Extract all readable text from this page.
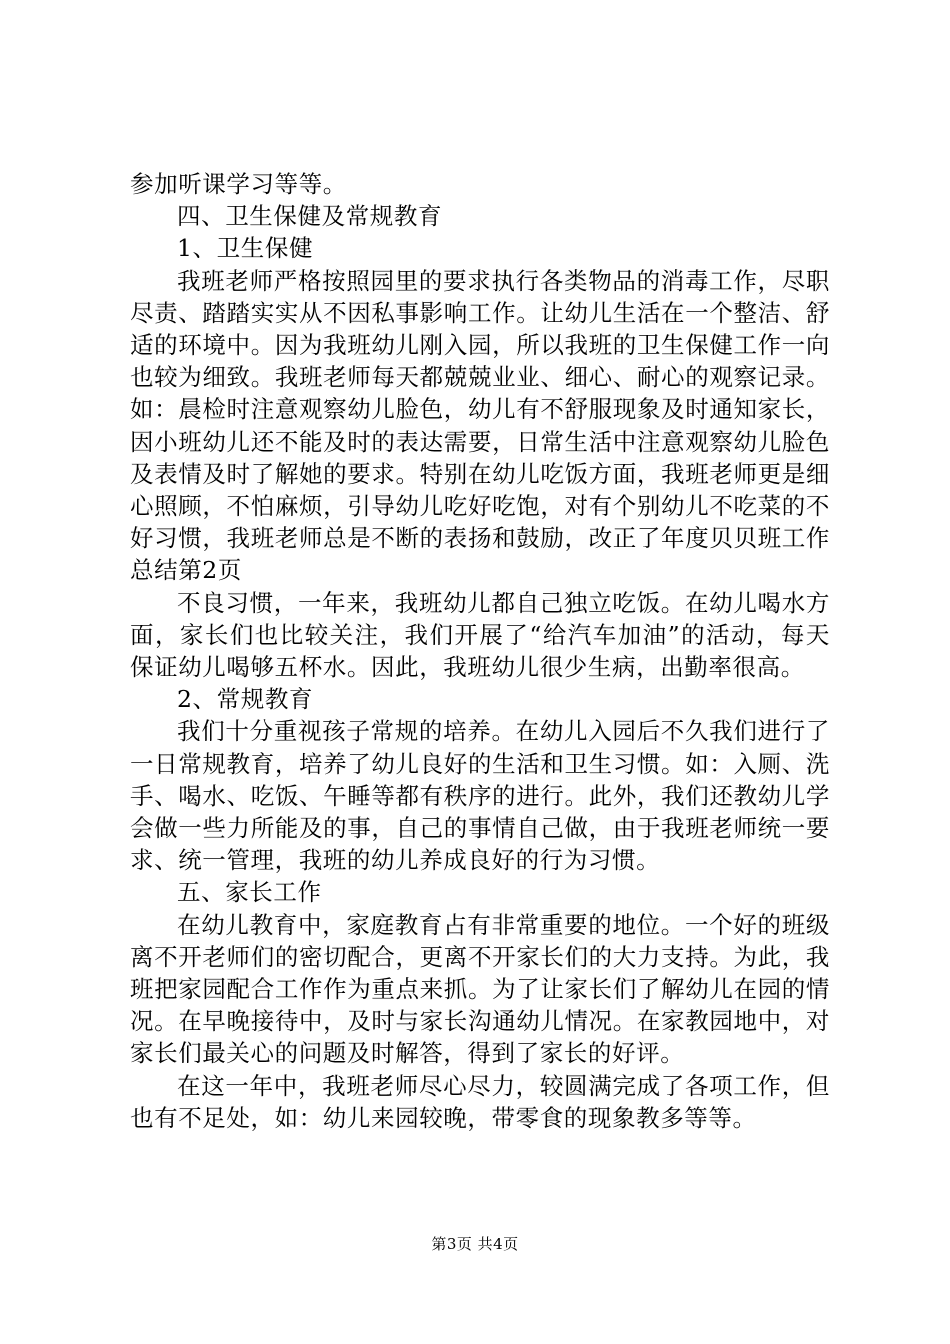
参加听课学习等等。

四、卫生保健及常规教育

1、卫生保健

我班老师严格按照园里的要求执行各类物品的消毒工作，尽职尽责、踏踏实实从不因私事影响工作。让幼儿生活在一个整洁、舒适的环境中。因为我班幼儿刚入园，所以我班的卫生保健工作一向也较为细致。我班老师每天都兢兢业业、细心、耐心的观察记录。如：晨检时注意观察幼儿脸色，幼儿有不舒服现象及时通知家长，因小班幼儿还不能及时的表达需要，日常生活中注意观察幼儿脸色及表情及时了解她的要求。特别在幼儿吃饭方面，我班老师更是细心照顾，不怕麻烦，引导幼儿吃好吃饱，对有个别幼儿不吃菜的不好习惯，我班老师总是不断的表扬和鼓励，改正了年度贝贝班工作总结第2页

不良习惯，一年来，我班幼儿都自己独立吃饭。在幼儿喝水方面，家长们也比较关注，我们开展了“给汽车加油”的活动，每天保证幼儿喝够五杯水。因此，我班幼儿很少生病，出勤率很高。

2、常规教育

我们十分重视孩子常规的培养。在幼儿入园后不久我们进行了一日常规教育，培养了幼儿良好的生活和卫生习惯。如：入厕、洗手、喝水、吃饭、午睡等都有秩序的进行。此外，我们还教幼儿学会做一些力所能及的事，自己的事情自己做，由于我班老师统一要求、统一管理，我班的幼儿养成良好的行为习惯。

五、家长工作

在幼儿教育中，家庭教育占有非常重要的地位。一个好的班级离不开老师们的密切配合，更离不开家长们的大力支持。为此，我班把家园配合工作作为重点来抓。为了让家长们了解幼儿在园的情况。在早晚接待中，及时与家长沟通幼儿情况。在家教园地中，对家长们最关心的问题及时解答，得到了家长的好评。

在这一年中，我班老师尽心尽力，较圆满完成了各项工作，但也有不足处，如：幼儿来园较晚，带零食的现象教多等等。

第3页 共4页
